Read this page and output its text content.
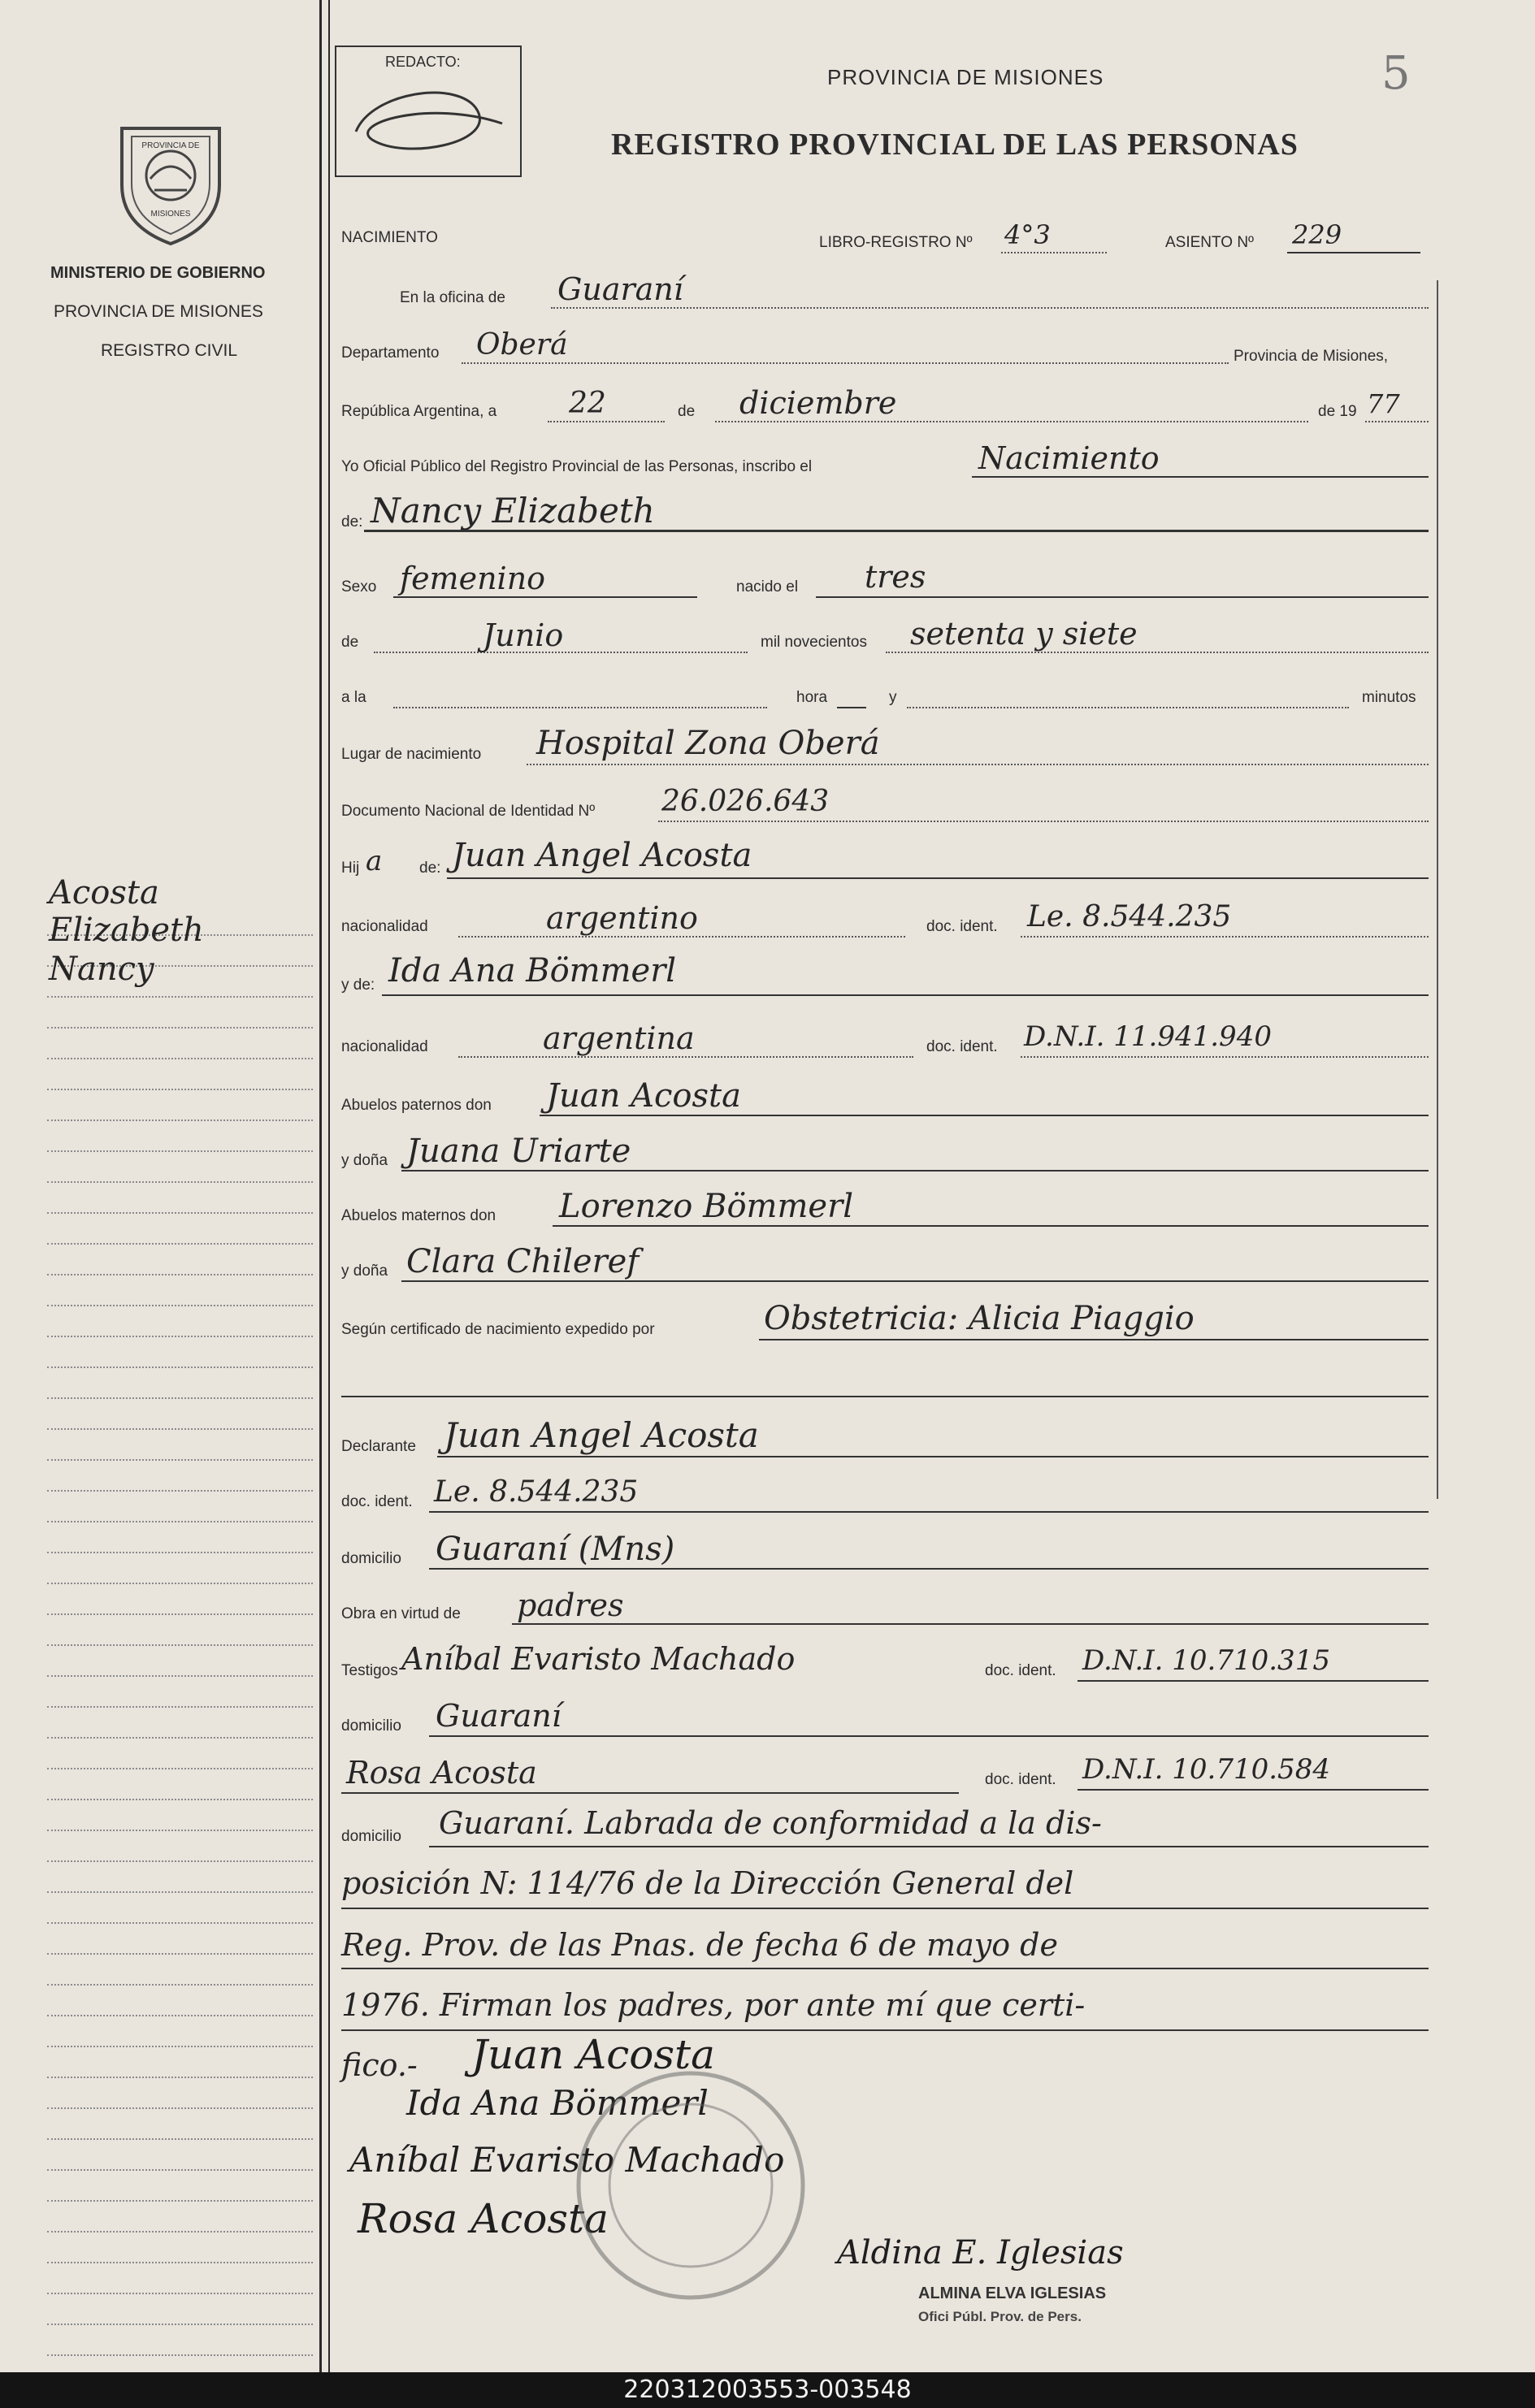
REDACTO:
PROVINCIA DE MISIONES	5
REGISTRO PROVINCIAL DE LAS PERSONAS
PROVINCIA DE
MISIONES
MINISTERIO DE GOBIERNO
PROVINCIA DE MISIONES
REGISTRO CIVIL
NACIMIENTO	LIBRO-REGISTRO Nº 4°3	ASIENTO Nº 229
En la oficina de Guaraní
Departamento Oberá	Provincia de Misiones,
República Argentina, a 22	de diciembre	de 19 77
Yo Oficial Público del Registro Provincial de las Personas, inscribo el	Nacimiento
de: Nancy Elizabeth
Sexo femenino	nacido el tres
de	Junio	mil novecientos setenta y siete
a la	hora	y	minutos
Lugar de nacimiento Hospital Zona Oberá
Documento Nacional de Identidad Nº 26.026.643
Hij a de: Juan Angel Acosta
nacionalidad	argentino	doc. ident. Le. 8.544.235
y de: Ida Ana Bömmerl
nacionalidad	argentina	doc. ident. D.N.I. 11.941.940
Abuelos paternos don Juan Acosta
y doña Juana Uriarte
Abuelos maternos don Lorenzo Bömmerl
y doña Clara Chileref
Según certificado de nacimiento expedido por	Obstetricia: Alicia Piaggio
Declarante Juan Angel Acosta
doc. ident. Le. 8.544.235
domicilio Guaraní (Mns)
Obra en virtud de padres
Testigos Aníbal Evaristo Machado	doc. ident. D.N.I. 10.710.315
domicilio Guaraní
Rosa Acosta	doc. ident. D.N.I. 10.710.584
domicilio Guaraní. Labrada de conformidad a la dis-
posición N: 114/76 de la Dirección General del
Reg. Prov. de las Pnas. de fecha 6 de mayo de
1976. Firman los padres, por ante mí que certi-
fico.- Juan Acosta
Ida Ana Bömmerl
Aníbal Evaristo Machado
Rosa Acosta
Aldina E. Iglesias
ALMINA ELVA IGLESIAS
Ofici Públ. Prov. de Pers.
Acosta
Elizabeth
Nancy
220312003553-003548
